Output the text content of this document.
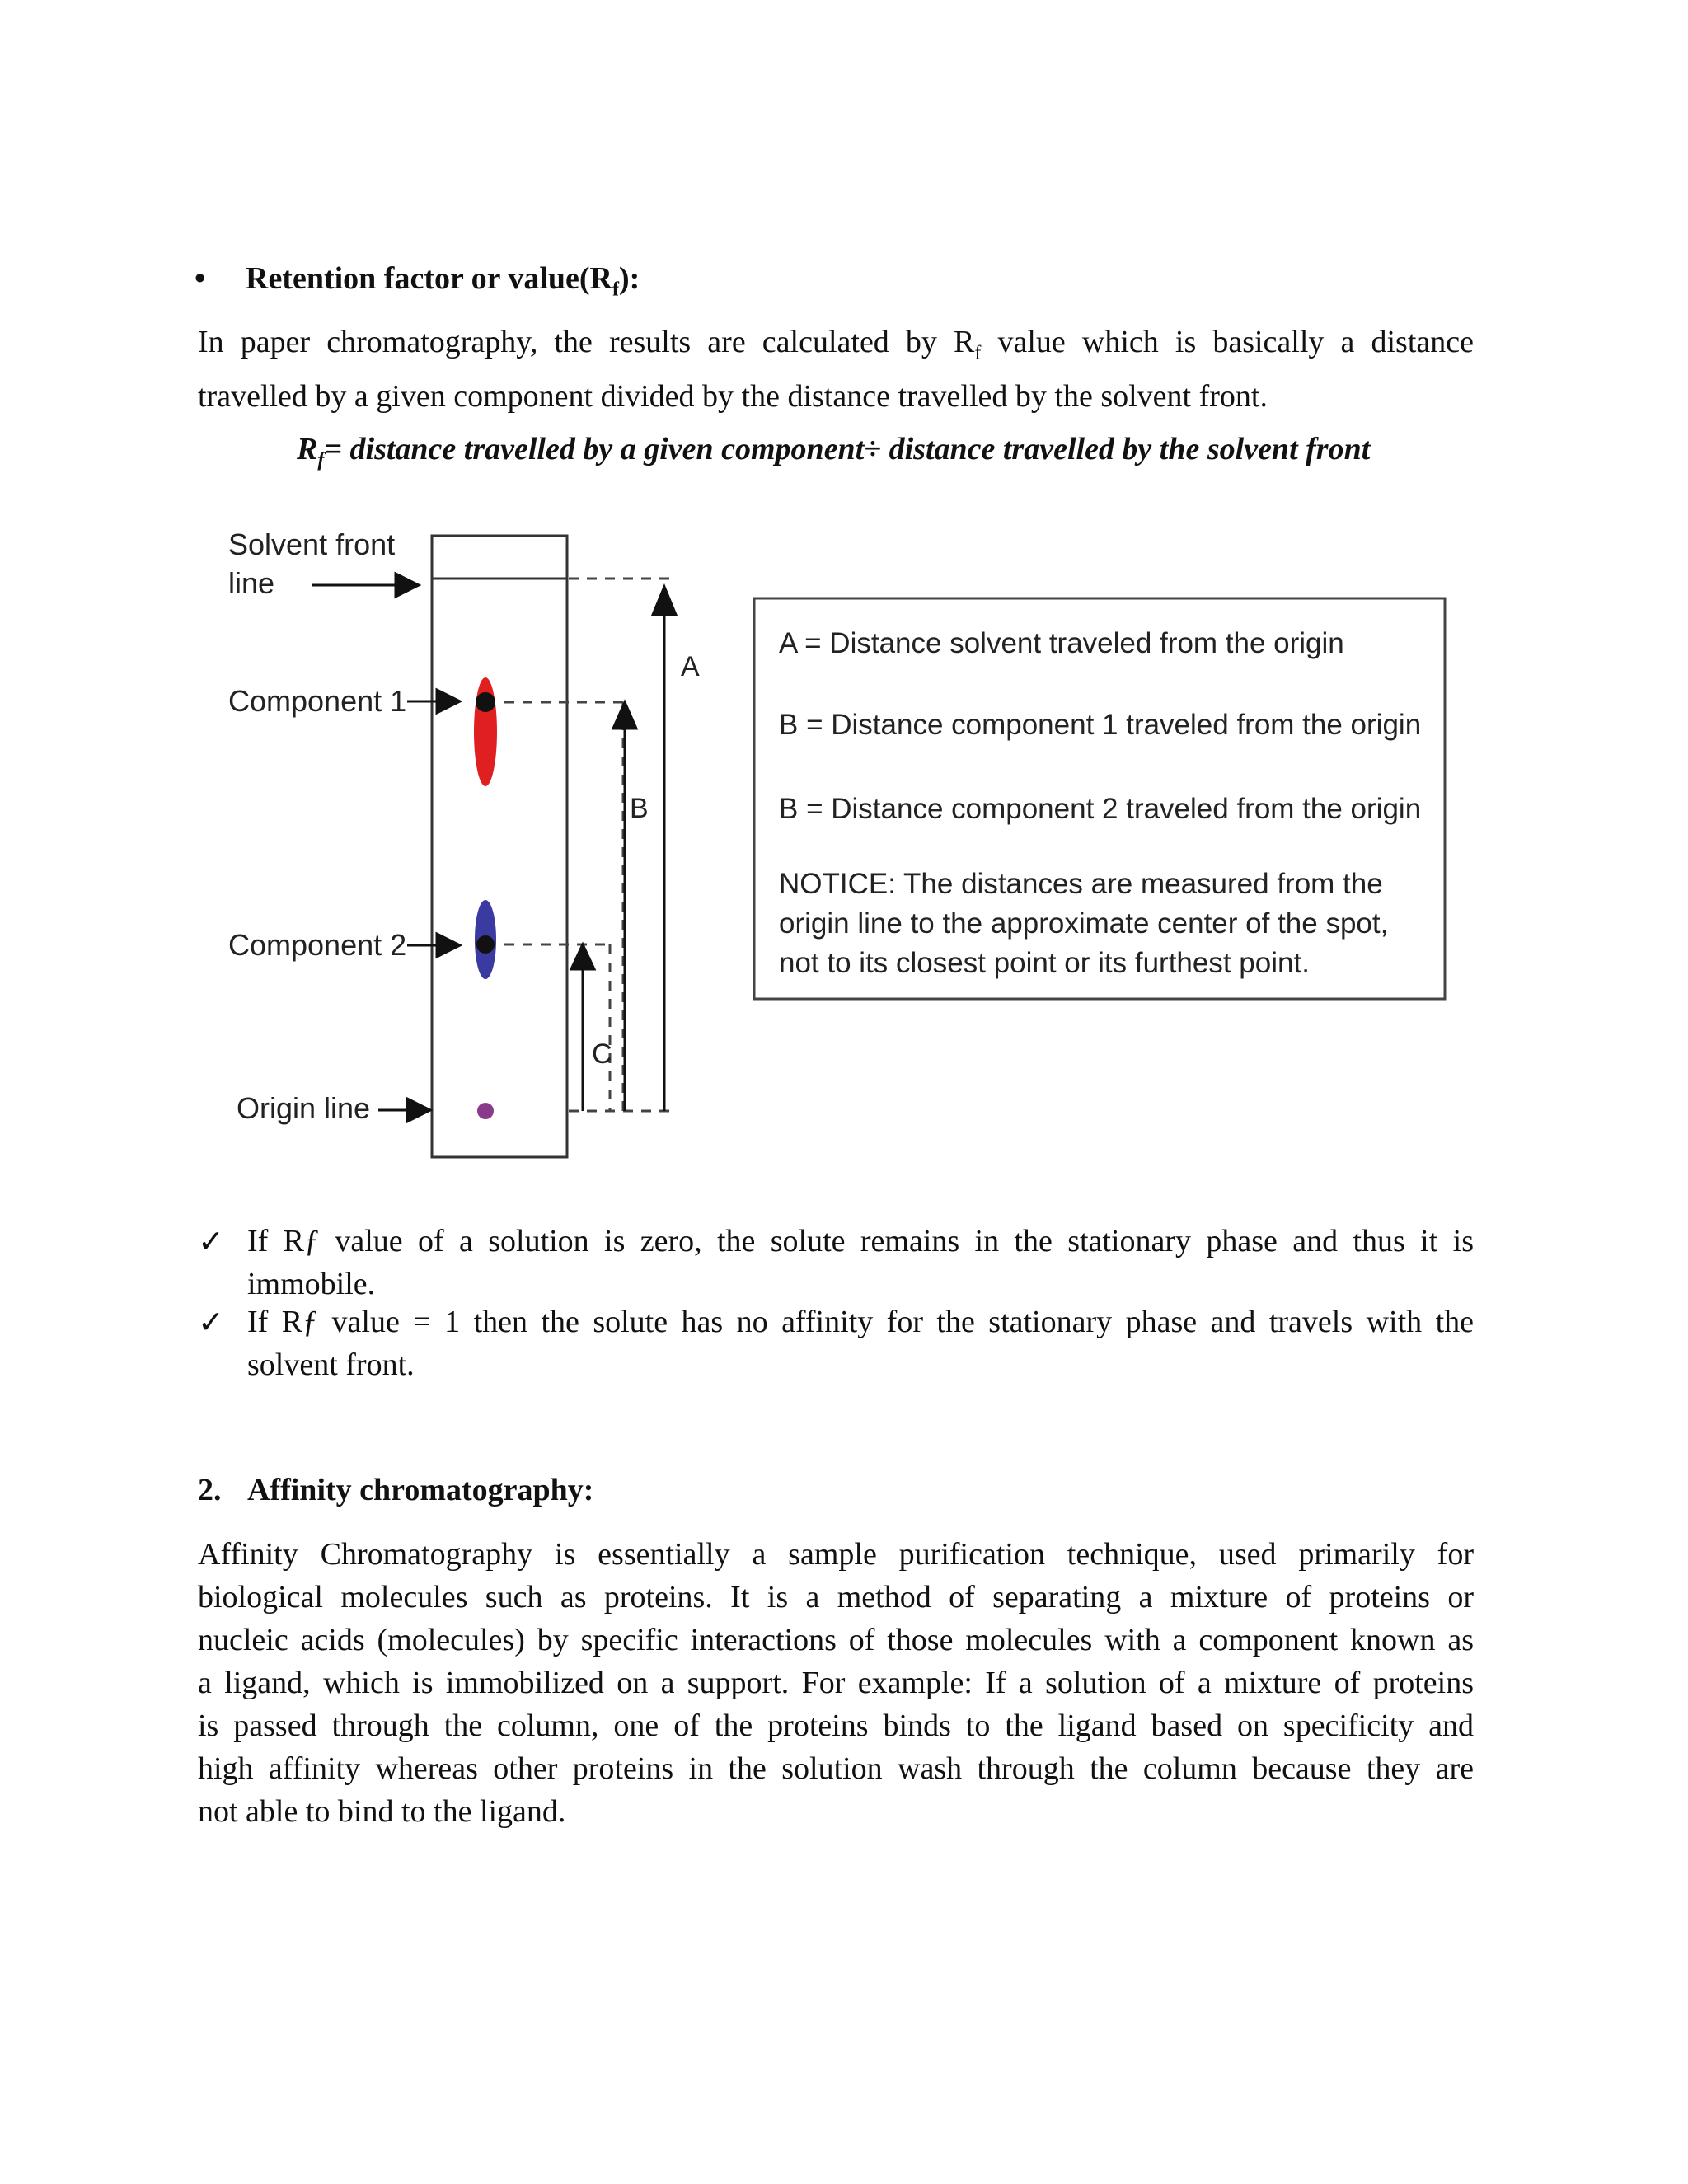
• Retention factor or $value(R_f)$:
In paper chromatography, the results are calculated by $R_f$ value which is basically a distance
travelled by a given component divided by the distance travelled by the solvent front.
$R_f=$ distance travelled by a given component÷ distance travelled by the solvent front
Solvent front
line
Component 1
Component 2
Origin line
A
B
C
A = Distance solvent traveled from the origin
B = Distance component 1 traveled from the origin
B = Distance component 2 traveled from the origin
NOTICE: The distances are measured from the
origin line to the approximate center of the spot,
not to its closest point or its furthest point.
✓ If Rƒ value of a solution is zero, the solute remains in the stationary phase and thus it is
immobile.
✓ If Rƒ value = 1 then the solute has no affinity for the stationary phase and travels with the
solvent front.
2. Affinity chromatography:
Affinity Chromatography is essentially a sample purification technique, used primarily for
biological molecules such as proteins. It is a method of separating a mixture of proteins or
nucleic acids (molecules) by specific interactions of those molecules with a component known as
a ligand, which is immobilized on a support. For example: If a solution of a mixture of proteins
is passed through the column, one of the proteins binds to the ligand based on specificity and
high affinity whereas other proteins in the solution wash through the column because they are
not able to bind to the ligand.
